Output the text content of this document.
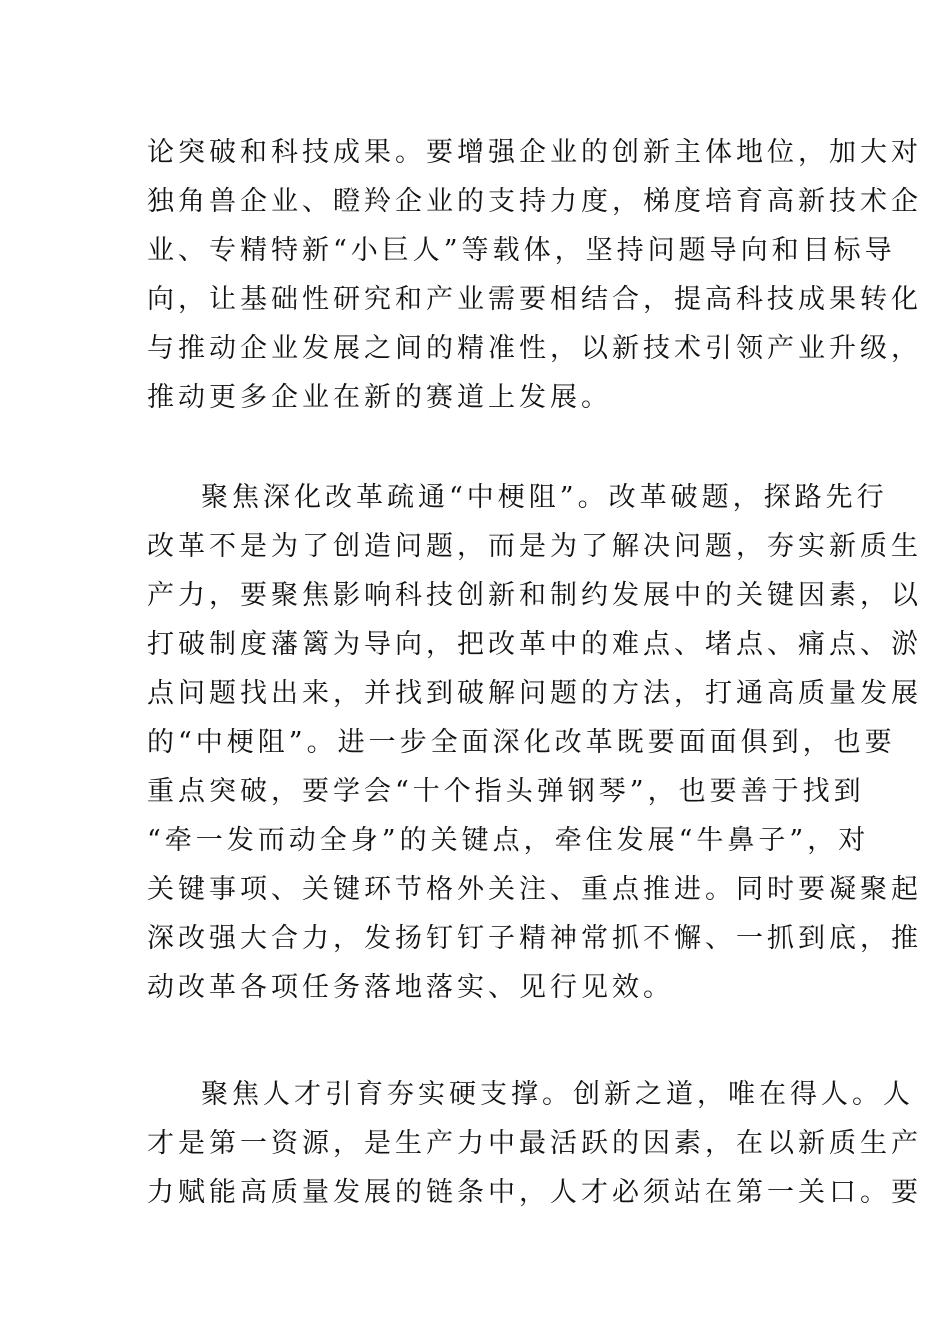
论突破和科技成果。要增强企业的创新主体地位，加大对
独角兽企业、瞪羚企业的支持力度，梯度培育高新技术企
业、专精特新“小巨人”等载体，坚持问题导向和目标导
向，让基础性研究和产业需要相结合，提高科技成果转化
与推动企业发展之间的精准性，以新技术引领产业升级，
推动更多企业在新的赛道上发展。
聚焦深化改革疏通“中梗阻”。改革破题，探路先行
改革不是为了创造问题，而是为了解决问题，夯实新质生
产力，要聚焦影响科技创新和制约发展中的关键因素，以
打破制度藩篱为导向，把改革中的难点、堵点、痛点、淤
点问题找出来，并找到破解问题的方法，打通高质量发展
的“中梗阻”。进一步全面深化改革既要面面俱到，也要
重点突破，要学会“十个指头弹钢琴”，也要善于找到
“牵一发而动全身”的关键点，牵住发展“牛鼻子”，对
关键事项、关键环节格外关注、重点推进。同时要凝聚起
深改强大合力，发扬钉钉子精神常抓不懈、一抓到底，推
动改革各项任务落地落实、见行见效。
聚焦人才引育夯实硬支撑。创新之道，唯在得人。人
才是第一资源，是生产力中最活跃的因素，在以新质生产
力赋能高质量发展的链条中，人才必须站在第一关口。要
